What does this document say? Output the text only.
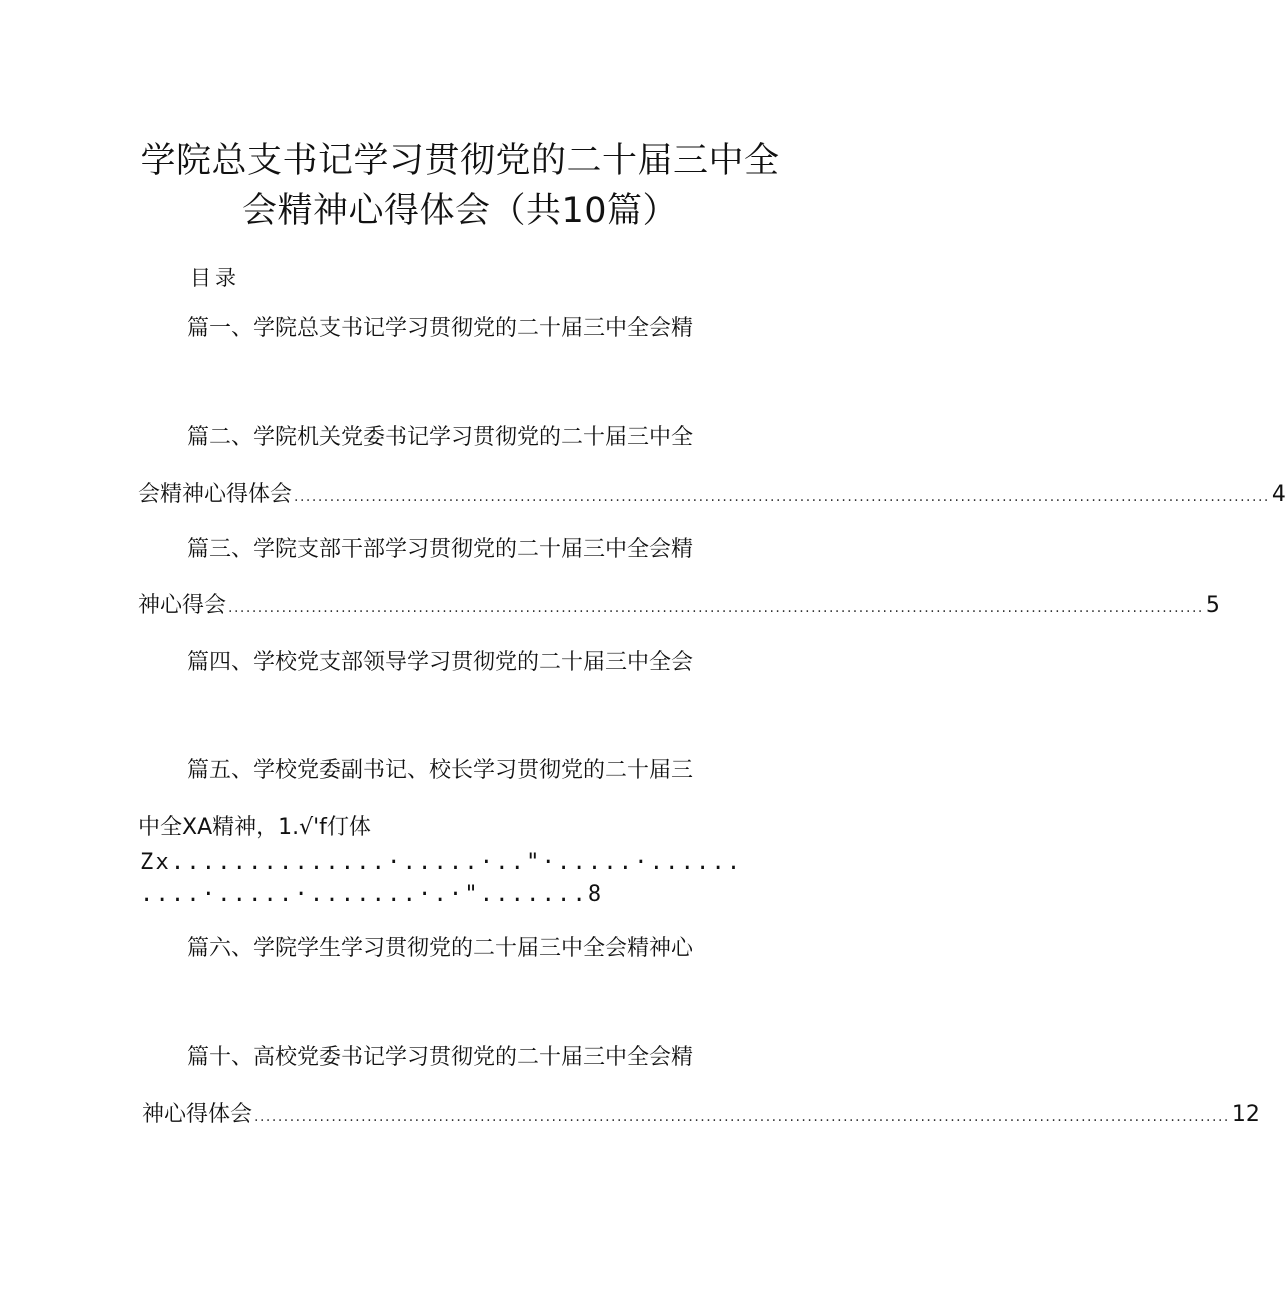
学院总支书记学习贯彻党的二十届三中全
会精神心得体会（共10篇）
目录
篇一、学院总支书记学习贯彻党的二十届三中全会精
篇二、学院机关党委书记学习贯彻党的二十届三中全
会精神心得体会 .................................................................................................................................................................... 4
篇三、学院支部干部学习贯彻党的二十届三中全会精
神心得会 .................................................................................................................................................................... 5
篇四、学校党支部领导学习贯彻党的二十届三中全会
篇五、学校党委副书记、校长学习贯彻党的二十届三
中全XA精神，1.√'f仃体
Zx..............·.....·.."·.....·......
....·.....·.......·.·".......8
篇六、学院学生学习贯彻党的二十届三中全会精神心
篇十、高校党委书记学习贯彻党的二十届三中全会精
神心得体会 .................................................................................................................................................................... 12
